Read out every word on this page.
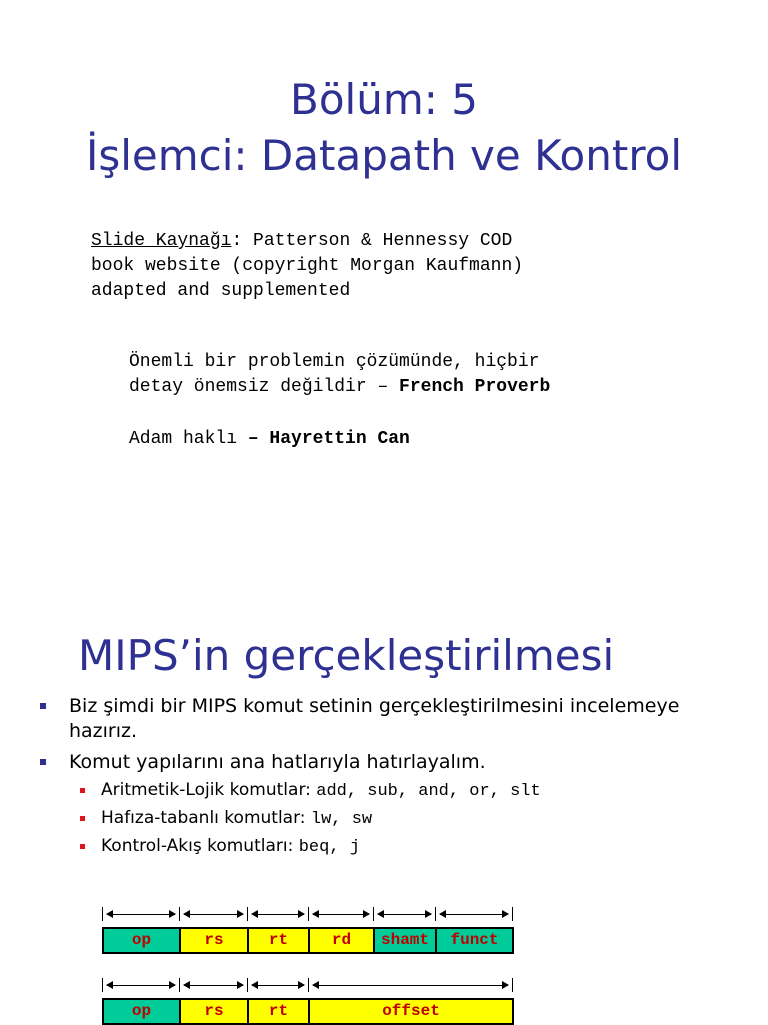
Bölüm: 5
İşlemci: Datapath ve Kontrol
Slide Kaynağı: Patterson & Hennessy COD
book website (copyright Morgan Kaufmann)
adapted and supplemented
Önemli bir problemin çözümünde, hiçbir
detay önemsiz değildir – French Proverb
Adam haklı – Hayrettin Can
MIPS’in gerçekleştirilmesi
Biz şimdi bir MIPS komut setinin gerçekleştirilmesini incelemeye hazırız.
Komut yapılarını ana hatlarıyla hatırlayalım.
Aritmetik-Lojik komutlar: add, sub, and, or, slt
Hafıza-tabanlı komutlar: lw, sw
Kontrol-Akış komutları: beq, j
op	rs	rt	rd	shamt	funct
op	rs	rt	offset
